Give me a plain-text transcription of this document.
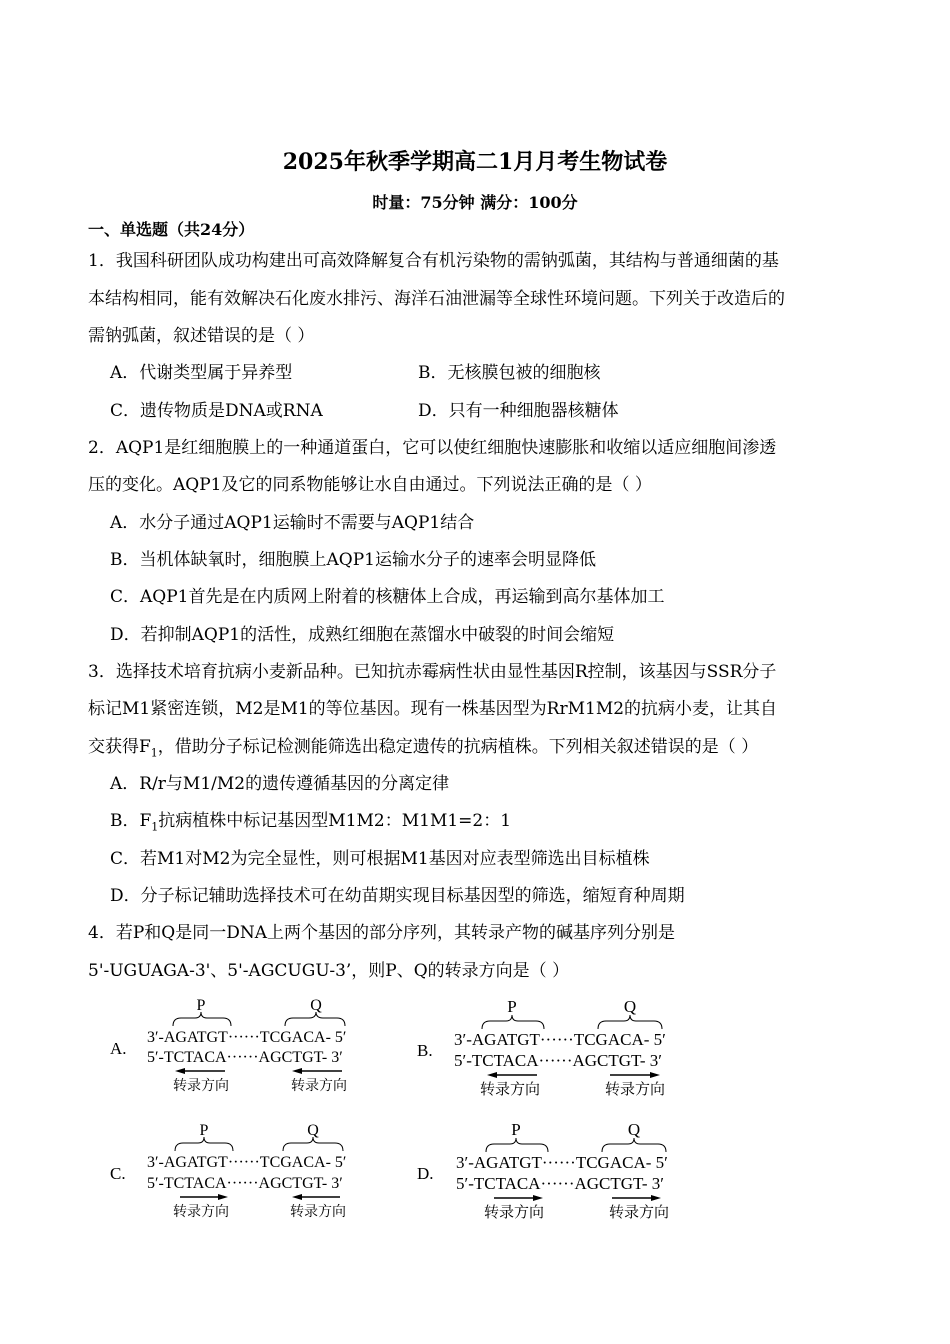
2025年秋季学期高二1月月考生物试卷
时量：75分钟 满分：100分
一、单选题（共24分）
1．我国科研团队成功构建出可高效降解复合有机污染物的需钠弧菌，其结构与普通细菌的基
本结构相同，能有效解决石化废水排污、海洋石油泄漏等全球性环境问题。下列关于改造后的
需钠弧菌，叙述错误的是（ ）
A．代谢类型属于异养型	B．无核膜包被的细胞核
C．遗传物质是DNA或RNA	D．只有一种细胞器核糖体
2．AQP1是红细胞膜上的一种通道蛋白，它可以使红细胞快速膨胀和收缩以适应细胞间渗透
压的变化。AQP1及它的同系物能够让水自由通过。下列说法正确的是（ ）
A．水分子通过AQP1运输时不需要与AQP1结合
B．当机体缺氧时，细胞膜上AQP1运输水分子的速率会明显降低
C．AQP1首先是在内质网上附着的核糖体上合成，再运输到高尔基体加工
D．若抑制AQP1的活性，成熟红细胞在蒸馏水中破裂的时间会缩短
3．选择技术培育抗病小麦新品种。已知抗赤霉病性状由显性基因R控制，该基因与SSR分子
标记M1紧密连锁，M2是M1的等位基因。现有一株基因型为RrM1M2的抗病小麦，让其自
交获得$F_1$，借助分子标记检测能筛选出稳定遗传的抗病植株。下列相关叙述错误的是（ ）
A．R/r与M1/M2的遗传遵循基因的分离定律
B．$F_1$抗病植株中标记基因型M1M2：M1M1=2：1
C．若M1对M2为完全显性，则可根据M1基因对应表型筛选出目标植株
D．分子标记辅助选择技术可在幼苗期实现目标基因型的筛选，缩短育种周期
4．若P和Q是同一DNA上两个基因的部分序列，其转录产物的碱基序列分别是
5'-UGUAGA-3'、5'-AGCUGU-3’，则P、Q的转录方向是（ ）
A.
P	Q
3′-AGATGT······TCGACA- 5′
5′-TCTACA······AGCTGT- 3′
转录方向	转录方向
B.
P	Q
3′-AGATGT······TCGACA- 5′
5′-TCTACA······AGCTGT- 3′
转录方向	转录方向
C.
P	Q
3′-AGATGT······TCGACA- 5′
5′-TCTACA······AGCTGT- 3′
转录方向	转录方向
D.
P	Q
3′-AGATGT······TCGACA- 5′
5′-TCTACA······AGCTGT- 3′
转录方向	转录方向
